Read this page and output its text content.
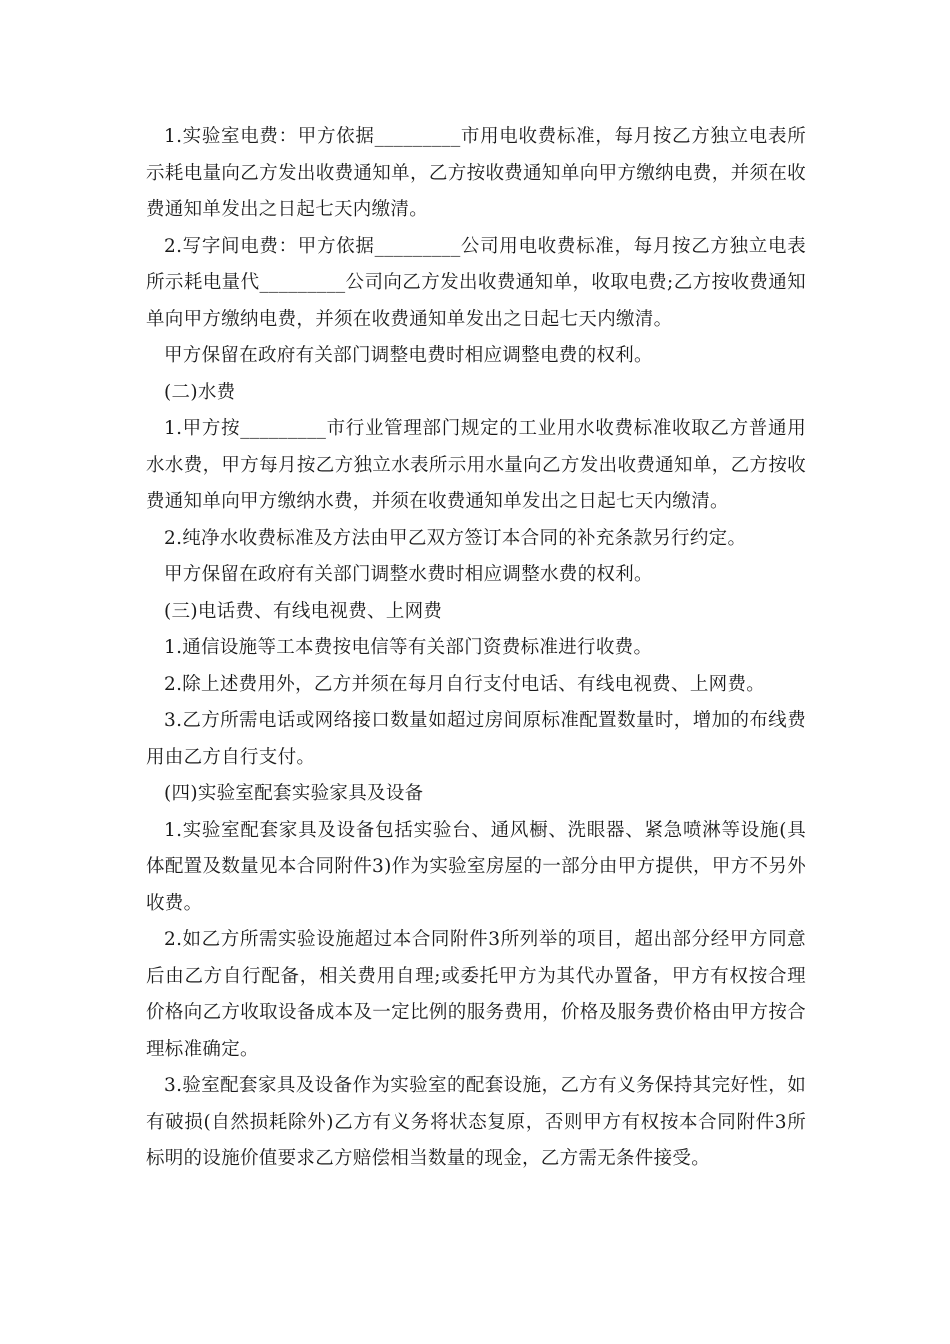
1.实验室电费：甲方依据_________市用电收费标准，每月按乙方独立电表所示耗电量向乙方发出收费通知单，乙方按收费通知单向甲方缴纳电费，并须在收费通知单发出之日起七天内缴清。

2.写字间电费：甲方依据_________公司用电收费标准，每月按乙方独立电表所示耗电量代_________公司向乙方发出收费通知单，收取电费;乙方按收费通知单向甲方缴纳电费，并须在收费通知单发出之日起七天内缴清。

甲方保留在政府有关部门调整电费时相应调整电费的权利。

(二)水费

1.甲方按_________市行业管理部门规定的工业用水收费标准收取乙方普通用水水费，甲方每月按乙方独立水表所示用水量向乙方发出收费通知单，乙方按收费通知单向甲方缴纳水费，并须在收费通知单发出之日起七天内缴清。

2.纯净水收费标准及方法由甲乙双方签订本合同的补充条款另行约定。

甲方保留在政府有关部门调整水费时相应调整水费的权利。

(三)电话费、有线电视费、上网费

1.通信设施等工本费按电信等有关部门资费标准进行收费。

2.除上述费用外，乙方并须在每月自行支付电话、有线电视费、上网费。

3.乙方所需电话或网络接口数量如超过房间原标准配置数量时，增加的布线费用由乙方自行支付。

(四)实验室配套实验家具及设备

1.实验室配套家具及设备包括实验台、通风橱、洗眼器、紧急喷淋等设施(具体配置及数量见本合同附件3)作为实验室房屋的一部分由甲方提供，甲方不另外收费。

2.如乙方所需实验设施超过本合同附件3所列举的项目，超出部分经甲方同意后由乙方自行配备，相关费用自理;或委托甲方为其代办置备，甲方有权按合理价格向乙方收取设备成本及一定比例的服务费用，价格及服务费价格由甲方按合理标准确定。

3.验室配套家具及设备作为实验室的配套设施，乙方有义务保持其完好性，如有破损(自然损耗除外)乙方有义务将状态复原，否则甲方有权按本合同附件3所标明的设施价值要求乙方赔偿相当数量的现金，乙方需无条件接受。
